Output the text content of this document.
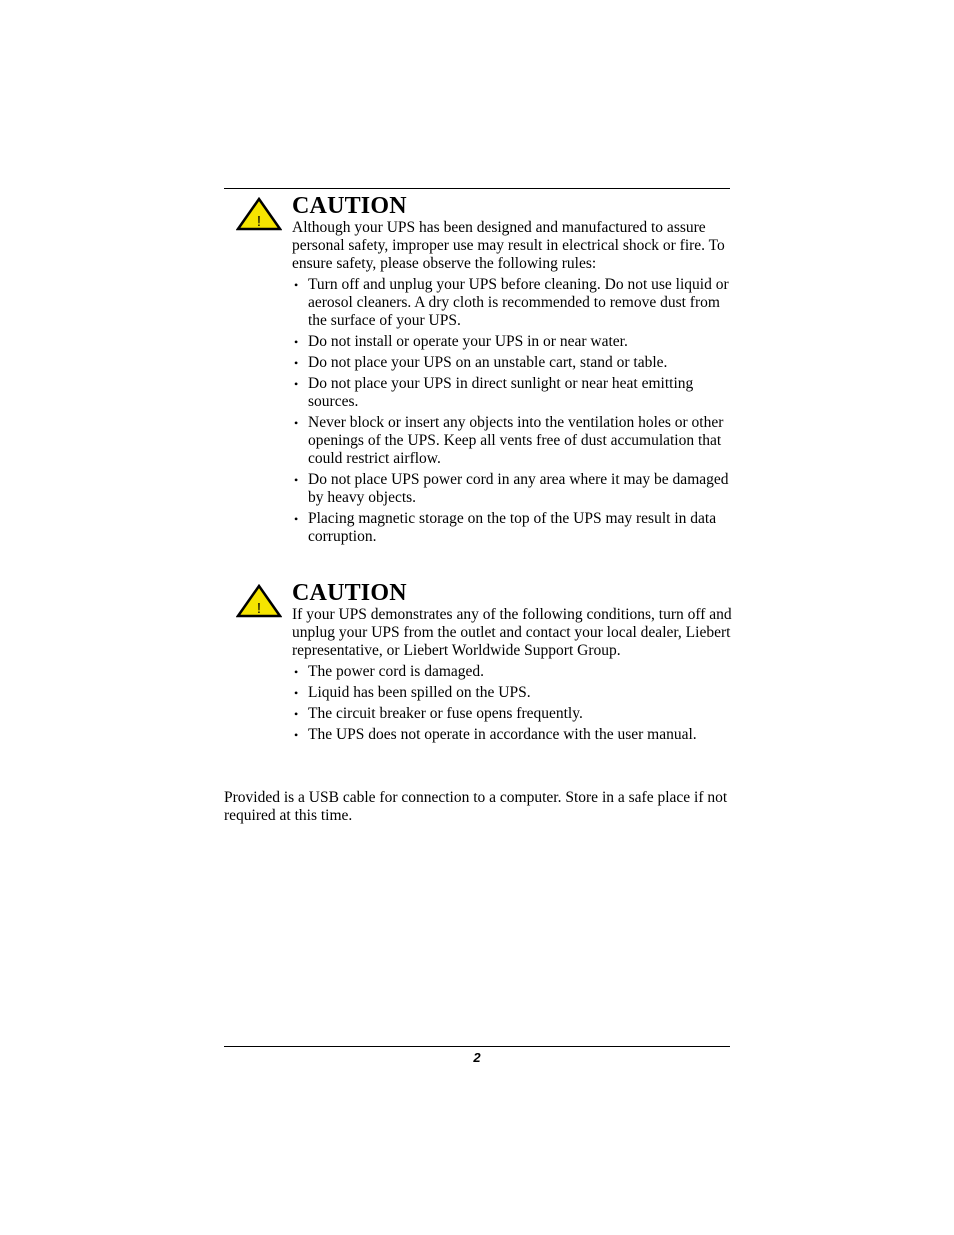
!
CAUTION

Although your UPS has been designed and manufactured to assure personal safety, improper use may result in electrical shock or fire. To ensure safety, please observe the following rules:

• Turn off and unplug your UPS before cleaning. Do not use liquid or aerosol cleaners. A dry cloth is recommended to remove dust from the surface of your UPS.
• Do not install or operate your UPS in or near water.
• Do not place your UPS on an unstable cart, stand or table.
• Do not place your UPS in direct sunlight or near heat emitting sources.
• Never block or insert any objects into the ventilation holes or other openings of the UPS. Keep all vents free of dust accumulation that could restrict airflow.
• Do not place UPS power cord in any area where it may be damaged by heavy objects.
• Placing magnetic storage on the top of the UPS may result in data corruption.
!
CAUTION

If your UPS demonstrates any of the following conditions, turn off and unplug your UPS from the outlet and contact your local dealer, Liebert representative, or Liebert Worldwide Support Group.

• The power cord is damaged.
• Liquid has been spilled on the UPS.
• The circuit breaker or fuse opens frequently.
• The UPS does not operate in accordance with the user manual.

Provided is a USB cable for connection to a computer. Store in a safe place if not required at this time.

2
